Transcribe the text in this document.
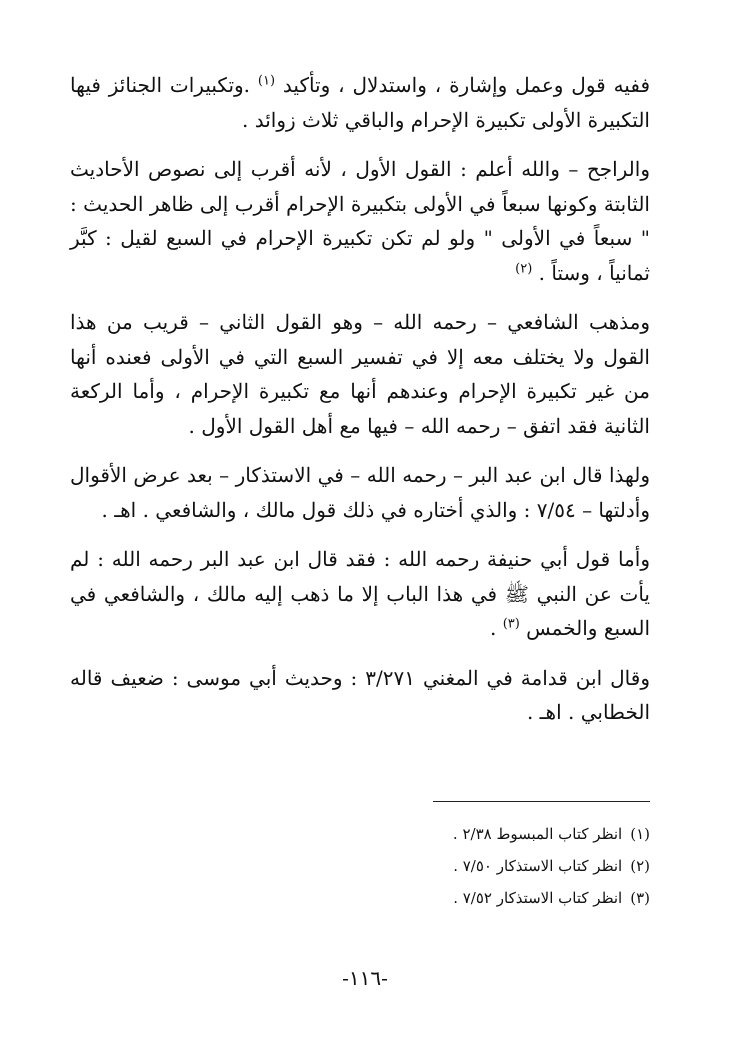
ففيه قول وعمل وإشارة ، واستدلال ، وتأكيد $^{(١)}$ .وتكبيرات الجنائز فيها التكبيرة الأولى تكبيرة الإحرام والباقي ثلاث زوائد .

والراجح – والله أعلم : القول الأول ، لأنه أقرب إلى نصوص الأحاديث الثابتة وكونها سبعاً في الأولى بتكبيرة الإحرام أقرب إلى ظاهر الحديث : " سبعاً في الأولى " ولو لم تكن تكبيرة الإحرام في السبع لقيل : كبَّر ثمانياً ، وستاً . $^{(٢)}$

ومذهب الشافعي – رحمه الله – وهو القول الثاني – قريب من هذا القول ولا يختلف معه إلا في تفسير السبع التي في الأولى فعنده أنها من غير تكبيرة الإحرام وعندهم أنها مع تكبيرة الإحرام ، وأما الركعة الثانية فقد اتفق – رحمه الله – فيها مع أهل القول الأول .

ولهذا قال ابن عبد البر – رحمه الله – في الاستذكار – بعد عرض الأقوال وأدلتها – ٧/٥٤ : والذي أختاره في ذلك قول مالك ، والشافعي . اهـ .

وأما قول أبي حنيفة رحمه الله : فقد قال ابن عبد البر رحمه الله : لم يأت عن النبي ﷺ في هذا الباب إلا ما ذهب إليه مالك ، والشافعي في السبع والخمس $^{(٣)}$ .

وقال ابن قدامة في المغني ٣/٢٧١ : وحديث أبي موسى : ضعيف قاله الخطابي . اهـ .

(١)انظر كتاب المبسوط ٢/٣٨ .
(٢)انظر كتاب الاستذكار ٧/٥٠ .
(٣)انظر كتاب الاستذكار ٧/٥٢ .
-١١٦-
